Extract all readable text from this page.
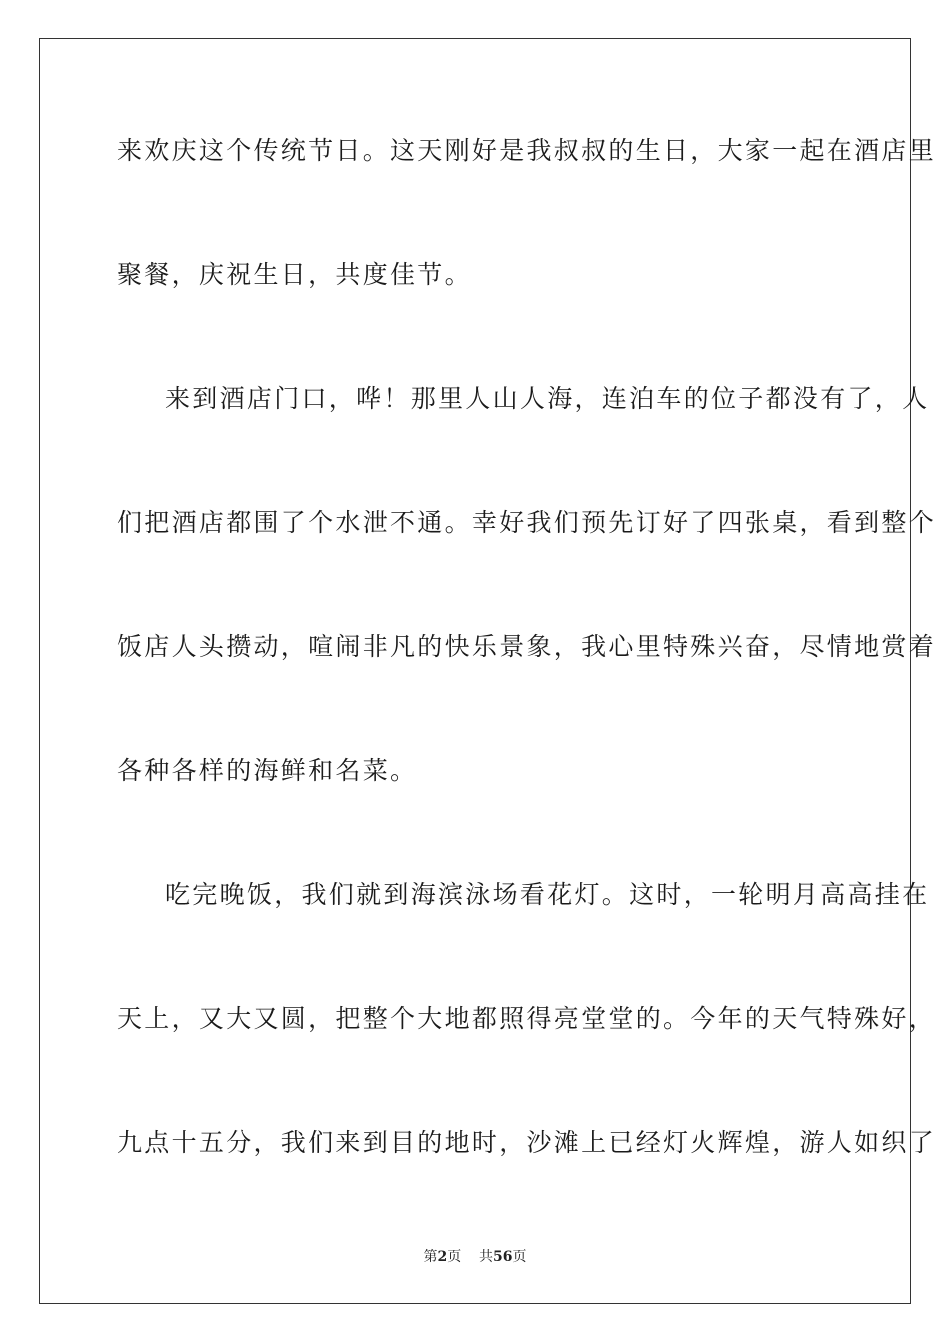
来欢庆这个传统节日。这天刚好是我叔叔的生日，大家一起在酒店里
聚餐，庆祝生日，共度佳节。
来到酒店门口，哗！那里人山人海，连泊车的位子都没有了，人
们把酒店都围了个水泄不通。幸好我们预先订好了四张桌，看到整个
饭店人头攒动，喧闹非凡的快乐景象，我心里特殊兴奋，尽情地赏着
各种各样的海鲜和名菜。
吃完晚饭，我们就到海滨泳场看花灯。这时，一轮明月高高挂在
天上，又大又圆，把整个大地都照得亮堂堂的。今年的天气特殊好，
九点十五分，我们来到目的地时，沙滩上已经灯火辉煌，游人如织了
第2页 共56页
